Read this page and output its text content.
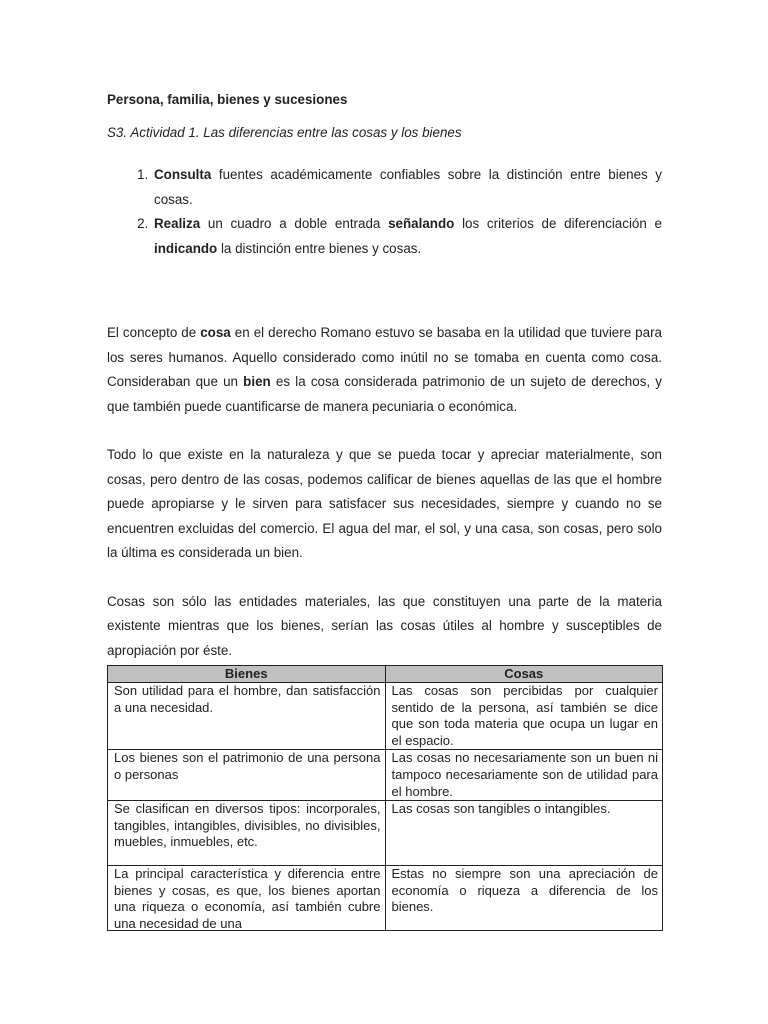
Persona, familia, bienes y sucesiones

S3. Actividad 1. Las diferencias entre las cosas y los bienes

1. Consulta fuentes académicamente confiables sobre la distinción entre bienes y cosas.
2. Realiza un cuadro a doble entrada señalando los criterios de diferenciación e indicando la distinción entre bienes y cosas.

El concepto de cosa en el derecho Romano estuvo se basaba en la utilidad que tuviere para los seres humanos. Aquello considerado como inútil no se tomaba en cuenta como cosa. Consideraban que un bien es la cosa considerada patrimonio de un sujeto de derechos, y que también puede cuantificarse de manera pecuniaria o económica.

Todo lo que existe en la naturaleza y que se pueda tocar y apreciar materialmente, son cosas, pero dentro de las cosas, podemos calificar de bienes aquellas de las que el hombre puede apropiarse y le sirven para satisfacer sus necesidades, siempre y cuando no se encuentren excluidas del comercio. El agua del mar, el sol, y una casa, son cosas, pero solo la última es considerada un bien.

Cosas son sólo las entidades materiales, las que constituyen una parte de la materia existente mientras que los bienes, serían las cosas útiles al hombre y susceptibles de apropiación por éste.

Bienes	Cosas
Son utilidad para el hombre, dan satisfacción a una necesidad.	Las cosas son percibidas por cualquier sentido de la persona, así también se dice que son toda materia que ocupa un lugar en el espacio.
Los bienes son el patrimonio de una persona o personas	Las cosas no necesariamente son un buen ni tampoco necesariamente son de utilidad para el hombre.
Se clasifican en diversos tipos: incorporales, tangibles, intangibles, divisibles, no divisibles, muebles, inmuebles, etc.	Las cosas son tangibles o intangibles.

La principal característica y diferencia entre bienes y cosas, es que, los bienes aportan una riqueza o economía, así también cubre una necesidad de una	Estas no siempre son una apreciación de economía o riqueza a diferencia de los bienes.
